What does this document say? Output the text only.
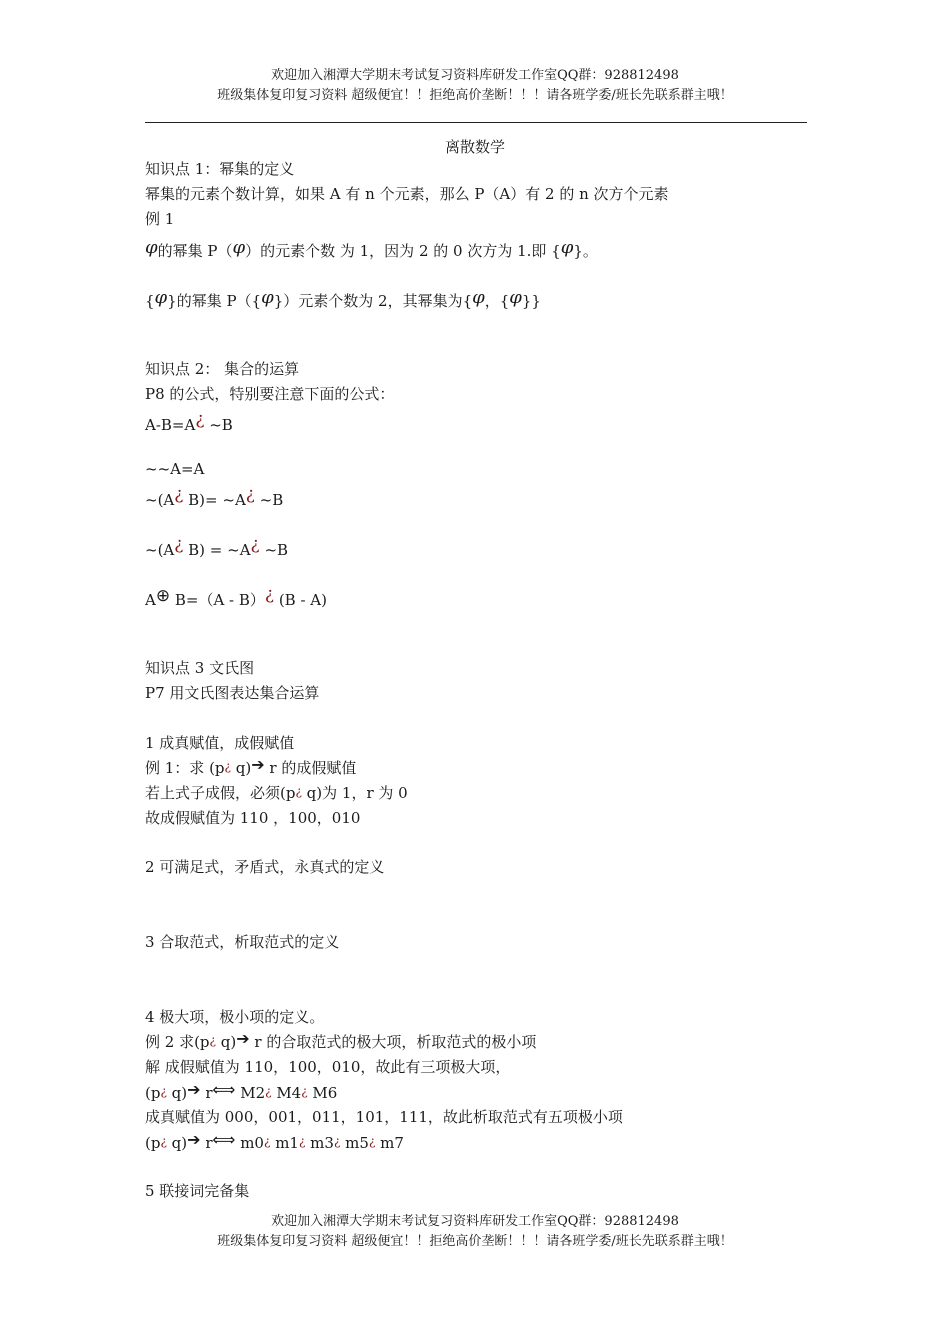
欢迎加入湘潭大学期末考试复习资料库研发工作室QQ群：928812498
班级集体复印复习资料 超级便宜！！拒绝高价垄断！！！请各班学委/班长先联系群主哦！
离散数学
知识点 1：幂集的定义
幂集的元素个数计算，如果 A 有 n 个元素，那么 P（A）有 2 的 n 次方个元素
例 1
φ的幂集 P（φ）的元素个数 为 1，因为 2 的 0 次方为 1.即 {φ}。
{φ}的幂集 P（{φ}）元素个数为 2，其幂集为{φ，{φ}}
知识点 2： 集合的运算
P8 的公式，特别要注意下面的公式：
A-B=A¿ ~B
~~A=A
~(A¿ B)= ~A¿ ~B
~(A¿ B) = ~A¿ ~B
A⊕ B=（A - B）¿ (B - A)
知识点 3 文氏图
P7 用文氏图表达集合运算
1 成真赋值，成假赋值
例 1：求 (p¿ q)➔ r 的成假赋值
若上式子成假，必须(p¿ q)为 1，r 为 0
故成假赋值为 110 ，100，010
2 可满足式，矛盾式，永真式的定义
3 合取范式，析取范式的定义
4 极大项，极小项的定义。
例 2 求(p¿ q)➔ r 的合取范式的极大项，析取范式的极小项
解 成假赋值为 110，100，010，故此有三项极大项，
(p¿ q)➔ r⟺ M2¿ M4¿ M6
成真赋值为 000，001，011，101，111，故此析取范式有五项极小项
(p¿ q)➔ r⟺ m0¿ m1¿ m3¿ m5¿ m7
5 联接词完备集
欢迎加入湘潭大学期末考试复习资料库研发工作室QQ群：928812498
班级集体复印复习资料 超级便宜！！拒绝高价垄断！！！请各班学委/班长先联系群主哦！
